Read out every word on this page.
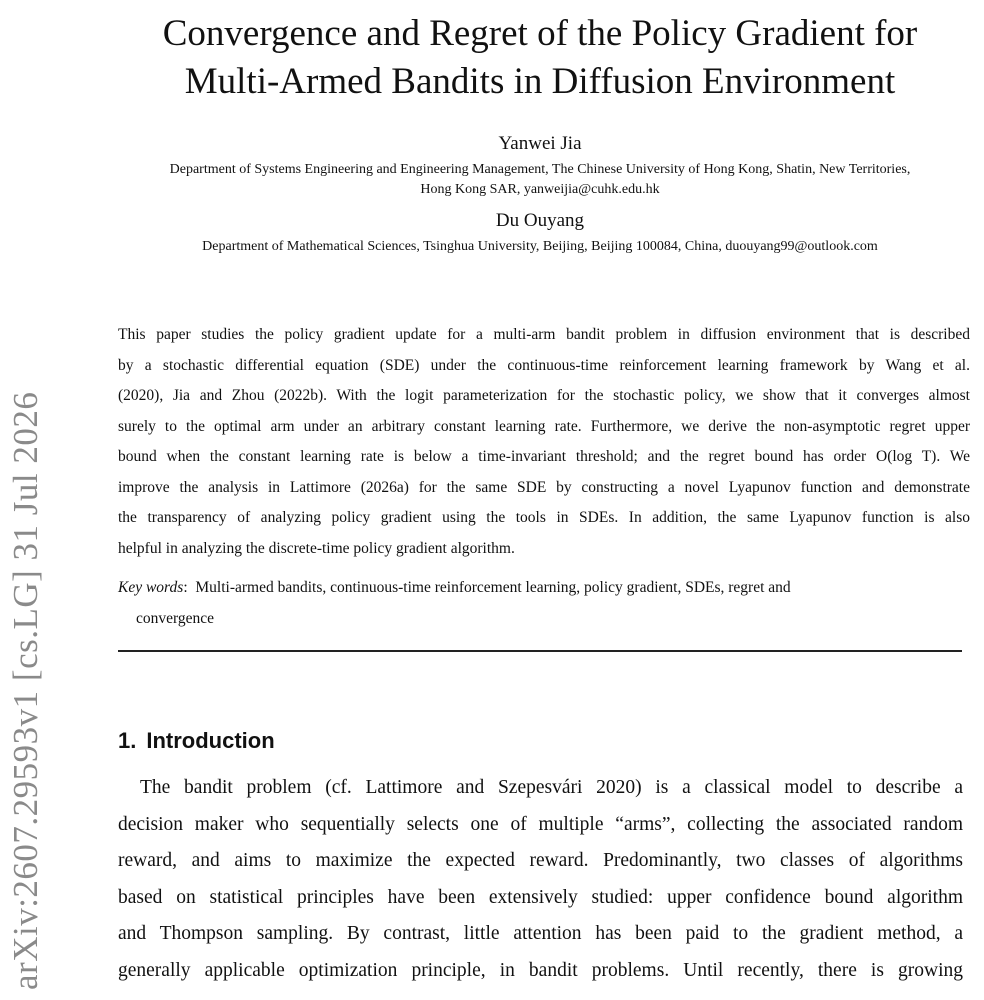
arXiv:2607.29593v1 [cs.LG] 31 Jul 2026
Convergence and Regret of the Policy Gradient for
Multi-Armed Bandits in Diffusion Environment
Yanwei Jia
Department of Systems Engineering and Engineering Management, The Chinese University of Hong Kong, Shatin, New Territories,
Hong Kong SAR, yanweijia@cuhk.edu.hk
Du Ouyang
Department of Mathematical Sciences, Tsinghua University, Beijing, Beijing 100084, China, duouyang99@outlook.com
This paper studies the policy gradient update for a multi-arm bandit problem in diffusion environment that is described
by a stochastic differential equation (SDE) under the continuous-time reinforcement learning framework by Wang et al.
(2020), Jia and Zhou (2022b). With the logit parameterization for the stochastic policy, we show that it converges almost
surely to the optimal arm under an arbitrary constant learning rate. Furthermore, we derive the non-asymptotic regret upper
bound when the constant learning rate is below a time-invariant threshold; and the regret bound has order O(log T). We
improve the analysis in Lattimore (2026a) for the same SDE by constructing a novel Lyapunov function and demonstrate
the transparency of analyzing policy gradient using the tools in SDEs. In addition, the same Lyapunov function is also
helpful in analyzing the discrete-time policy gradient algorithm.
Key words:  Multi-armed bandits, continuous-time reinforcement learning, policy gradient, SDEs, regret and
convergence
1. Introduction
The bandit problem (cf. Lattimore and Szepesvári 2020) is a classical model to describe a
decision maker who sequentially selects one of multiple “arms”, collecting the associated random
reward, and aims to maximize the expected reward. Predominantly, two classes of algorithms
based on statistical principles have been extensively studied: upper confidence bound algorithm
and Thompson sampling. By contrast, little attention has been paid to the gradient method, a
generally applicable optimization principle, in bandit problems. Until recently, there is growing
